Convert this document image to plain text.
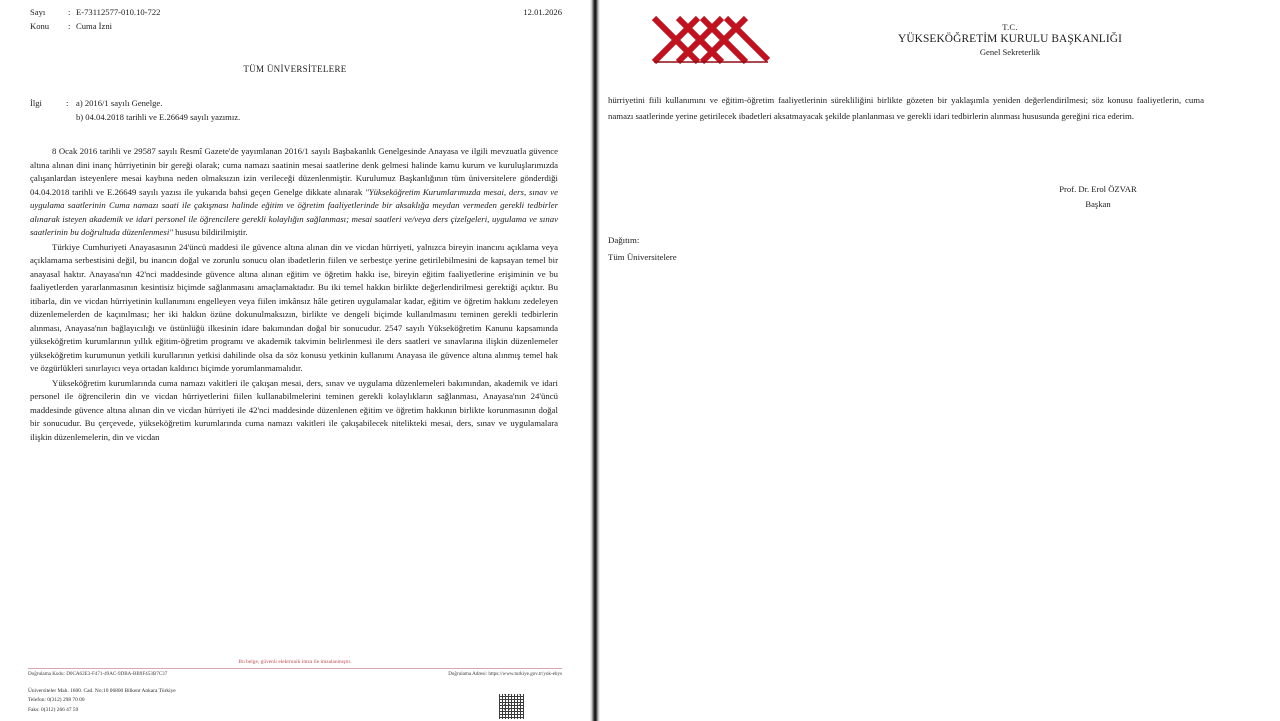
Sayı	: E-73112577-010.10-722
Konu	: Cuma İzni
12.01.2026
TÜM ÜNİVERSİTELERE
İlgi	: a) 2016/1 sayılı Genelge.
b) 04.04.2018 tarihli ve E.26649 sayılı yazımız.

8 Ocak 2016 tarihli ve 29587 sayılı Resmî Gazete'de yayımlanan 2016/1 sayılı Başbakanlık Genelgesinde Anayasa ve ilgili mevzuatla güvence altına alınan dini inanç hürriyetinin bir gereği olarak; cuma namazı saatinin mesai saatlerine denk gelmesi halinde kamu kurum ve kuruluşlarımızda çalışanlardan isteyenlere mesai kaybına neden olmaksızın izin verileceği düzenlenmiştir. Kurulumuz Başkanlığının tüm üniversitelere gönderdiği 04.04.2018 tarihli ve E.26649 sayılı yazısı ile yukarıda bahsi geçen Genelge dikkate alınarak "Yükseköğretim Kurumlarımızda mesai, ders, sınav ve uygulama saatlerinin Cuma namazı saati ile çakışması halinde eğitim ve öğretim faaliyetlerinde bir aksaklığa meydan vermeden gerekli tedbirler alınarak isteyen akademik ve idari personel ile öğrencilere gerekli kolaylığın sağlanması; mesai saatleri ve/veya ders çizelgeleri, uygulama ve sınav saatlerinin bu doğrultuda düzenlenmesi" hususu bildirilmiştir.

Türkiye Cumhuriyeti Anayasasının 24'üncü maddesi ile güvence altına alınan din ve vicdan hürriyeti, yalnızca bireyin inancını açıklama veya açıklamama serbestisini değil, bu inancın doğal ve zorunlu sonucu olan ibadetlerin fiilen ve serbestçe yerine getirilebilmesini de kapsayan temel bir anayasal haktır. Anayasa'nın 42'nci maddesinde güvence altına alınan eğitim ve öğretim hakkı ise, bireyin eğitim faaliyetlerine erişiminin ve bu faaliyetlerden yararlanmasının kesintisiz biçimde sağlanmasını amaçlamaktadır. Bu iki temel hakkın birlikte değerlendirilmesi gerektiği açıktır. Bu itibarla, din ve vicdan hürriyetinin kullanımını engelleyen veya fiilen imkânsız hâle getiren uygulamalar kadar, eğitim ve öğretim hakkını zedeleyen düzenlemelerden de kaçınılması; her iki hakkın özüne dokunulmaksızın, birlikte ve dengeli biçimde kullanılmasını teminen gerekli tedbirlerin alınması, Anayasa'nın bağlayıcılığı ve üstünlüğü ilkesinin idare bakımından doğal bir sonucudur. 2547 sayılı Yükseköğretim Kanunu kapsamında yükseköğretim kurumlarının yıllık eğitim-öğretim programı ve akademik takvimin belirlenmesi ile ders saatleri ve sınavlarına ilişkin düzenlemeler yükseköğretim kurumunun yetkili kurullarının yetkisi dahilinde olsa da söz konusu yetkinin kullanımı Anayasa ile güvence altına alınmış temel hak ve özgürlükleri sınırlayıcı veya ortadan kaldırıcı biçimde yorumlanmamalıdır.

Yükseköğretim kurumlarında cuma namazı vakitleri ile çakışan mesai, ders, sınav ve uygulama düzenlemeleri bakımından, akademik ve idari personel ile öğrencilerin din ve vicdan hürriyetlerini fiilen kullanabilmelerini teminen gerekli kolaylıkların sağlanması, Anayasa'nın 24'üncü maddesinde güvence altına alınan din ve vicdan hürriyeti ile 42'nci maddesinde düzenlenen eğitim ve öğretim hakkının birlikte korunmasının doğal bir sonucudur. Bu çerçevede, yükseköğretim kurumlarında cuma namazı vakitleri ile çakışabilecek nitelikteki mesai, ders, sınav ve uygulamalara ilişkin düzenlemelerin, din ve vicdan

Bu belge, güvenli elektronik imza ile imzalanmıştır.
Doğrulama Kodu: D0CA62E3-F471-49AC-9DBA-BB9F453B7C37	Doğrulama Adresi: https://www.turkiye.gov.tr/yok-ebys
Üniversiteler Mah. 1600. Cad. No:10 06800 Bilkent Ankara Türkiye
Telefon: 0(312) 298 70 00
Faks: 0(312) 266 47 59
T.C.
YÜKSEKÖĞRETİM KURULU BAŞKANLIĞI
Genel Sekreterlik

hürriyetini fiili kullanımını ve eğitim-öğretim faaliyetlerinin sürekliliğini birlikte gözeten bir yaklaşımla yeniden değerlendirilmesi; söz konusu faaliyetlerin, cuma namazı saatlerinde yerine getirilecek ibadetleri aksatmayacak şekilde planlanması ve gerekli idari tedbirlerin alınması hususunda gereğini rica ederim.

Prof. Dr. Erol ÖZVAR
Başkan
Dağıtım:
Tüm Üniversitelere
